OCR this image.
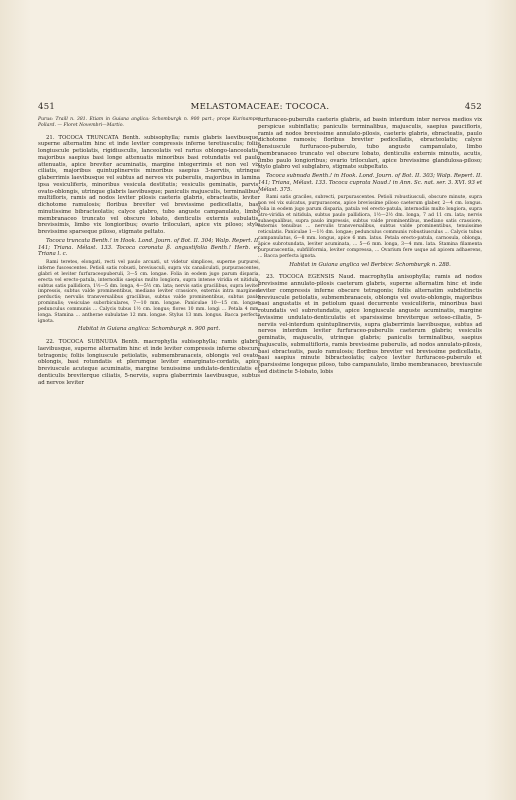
451	MELASTOMACEAE: TOCOCA.	452

Purus: Traill n. 381. Etiam in Guiana anglica: Schomburgk n. 900 part.; prope Kurinampo: Pollard. — Floret Novembri—Martio.

21. TOCOCA TRUNCATA Benth. subisophylla; ramis glabris laevibusque, superne alternatim hinc et inde leviter compressis inferne teretiusculis; foliis longiuscule petiolatis, rigidiusculis, lanceolatis vel rarius oblongo-lanceolatis, majoribus saepius basi longe attenuatis minoribus basi rotundatis vel paulo attenuatis, apice breviter acuminatis, margine integerrimis et non vel vix ciliatis, majoribus quintuplinerviis minoribus saepius 3-nerviis, utrinque glaberrimis laevibusque vel subtus ad nervos vix puberulis, majoribus in lamina ipsa vesiculiferis, minoribus vesicula destitutis; vesiculis geminatis, parvis, ovato-oblongis, utrinque glabris laevibusque; paniculis majusculis, terminalibus, multifloris, ramis ad nodos leviter pilosis caeteris glabris, ebracteatis, leviter dichotome ramulosis; floribus breviter vel brevissime pedicellatis, basi minutissime bibracteolatis; calyce glabro, tubo anguste campanulato, limbo membranaceo truncato vel obscure lobato, denticulis externis subulatis, brevissimis, limbo vix longioribus; ovario triloculari, apice vix piloso; style brevissime sparseque piloso, stigmate peltato.

Tococa truncata Benth.! in Hook. Lond. Journ. of Bot. II. 304; Walp. Repert. II. 141; Triana. Mélast. 133. Tococa coronata β. angustifolia Benth.! Herb. ex Triana l. c.

Rami teretes, elongati, recti vel paulo arcuati, ut videtur simplices, superne purpurei, inferne fuscescentes. Petioli satis robusti, breviusculi, supra vix canaliculati, purpurascentes, glabri et leviter furfuraceopuberuli, 3—5 cm. longae. Folia in eodem jugo parum disparia, erecta vel erecto-patula, internodiis saepius multo longiora, supra intense viridia et nitidula, subtus satis pallidiora, 1½—5 dm. longa, 4—5½ cm. lata; nervis satis gracilibus, supra leviter impressis, subtus valde prominentibus, mediano leviter crassiore, externis intra marginem perductis; nervulis transversalibus gracilibus, subtus valde prominentibus, subtus paulo prominulis; vesiculae suborbiculares, 7—10 mm. longae. Paniculae 10—15 cm. longae; pedunculus communis ... Calycis tubus 1½ cm. longus; flores 10 mm. longi ... Petala 4 mm. longa. Stamina ... antherae subulatae 12 mm. longae. Stylus 13 mm. longus. Bacca perfecta ignota.

Habitat in Guiana anglica: Schomburgk n. 900 part.

22. TOCOCA SUBNUDA Benth. macrophylla subisophylla; ramis glabris laevibusque, superne alternatim hinc et inde leviter compressis inferne obscure tetragonis; foliis longiuscule petiolatis, submembranaceis, oblongis vel ovato-oblongis, basi rotundatis et plerumque leviter emarginato-cordatis, apice breviuscule acuteque acuminatis, margine tenuissime undulato-denticulatis et denticulis breviterque ciliatis, 5-nerviis, supra glaberrimis laevibusque, subtus ad nervos leviter

furfuraceo-puberulis caeteris glabris, ad basin interdum inter nervos medios vix perspicue subinflatis; paniculis terminalibus, majusculis, saepius paucifloris, ramis ad nodos brevissime annulato-pilosis, caeteris glabris, ebracteatis, paulo dichotome ramosis; floribus breviter pedicellatis, ebracteolatis; calyce densiuscule furfuraceo-puberulo, tubo anguste campanulato, limbo membranaceo truncato vel obscure lobato, denticulis externis minutis, acutis, limbo paulo longioribus; ovario triloculari, apice brevissime glandulosa-piloso; stylo glabro vel subglabro, stigmate subpeltato.

Tococa subnuda Benth.! in Hook. Lond. Journ. of Bot. II. 303; Walp. Repert. II. 141; Triana, Mélast. 133. Tococa cuprata Naud.! in Ann. Sc. nat. ser. 3. XVI. 93 et Mélast. 375.

Rami satis graciles, subrecti, purpurascentes. Petioli robustiusculi, obscure minute, supra non vel vix sulcatus, purpurascens, apice brevissime piloso caeterum glaber, 2—4 cm. longus. Folia in eodem jugo parum disparia, patula vel erecto-patula, internodiis multo longiora, supra atro-viridia et nitidula, subtus paulo pallidiora, 1½—2½ dm. longa, 7 ad 11 cm. lata; nervis subaequalibus, supra paulo impressis, subtus valde prominentibus, mediano satis crassiore, externis tenuibus ... nervulis transversalibus, subtus valde prominentibus, tenuissime reticulatis. Paniculae 1—1½ dm. longae; pedunculus communis robustiusculus ... Calycis tubus campanulatus, 6—8 mm. longus, apice 6 mm. latus. Petala erecto-patula, carnosula, oblonga, apice subrotundata, leviter acuminata, ... 5—6 mm. longa, 3—4 mm. lata. Stamina filamenta purpurascentia, subfiliformia, leviter compressa, ... Ovarium fere usque ad apicem adhaerens, ... Bacca perfecta ignota.

Habitat in Guiana anglica vel Berbice: Schomburgk n. 288.

23. TOCOCA EGENSIS Naud. macrophylla anisophylla; ramis ad nodos brevissime annulato-pilosis caeterum glabris, superne alternatim hinc et inde leviter compressis inferne obscure tetragonis; foliis alternatim subdistinctis breviuscule petiolatis, submembranaceis, oblongis vel ovato-oblongis, majoribus basi angustatis et in petiolum quasi decurrente vesiculiferis, minoribus basi rotundatis vel subrotundatis, apice longiuscule anguste acuminatis, margine levissime undulato-denticulatis et sparsissime breviterque setoso-ciliatis, 5-nerviis vel-interdum quintuplinerviis, supra glaberrimis laevibusque, subtus ad nervos interdum leviter furfuraceo-puberulis caeterum glabris; vesiculis geminatis, majusculis, utrinque glabris; paniculis terminalibus, saepius majusculis, submultifloris, ramis brevissime puberulis, ad nodos annulato-pilosis, basi ebracteatis, paulo ramulosis; floribus breviter vel brevissime pedicellatis, basi saepius minute bibracteolatis; calyce leviter furfuraceo-puberulo et sparsissime longeque piloso, tubo campanulato, limbo membranaceo, breviuscule sed distincte 5-lobato, lobis
